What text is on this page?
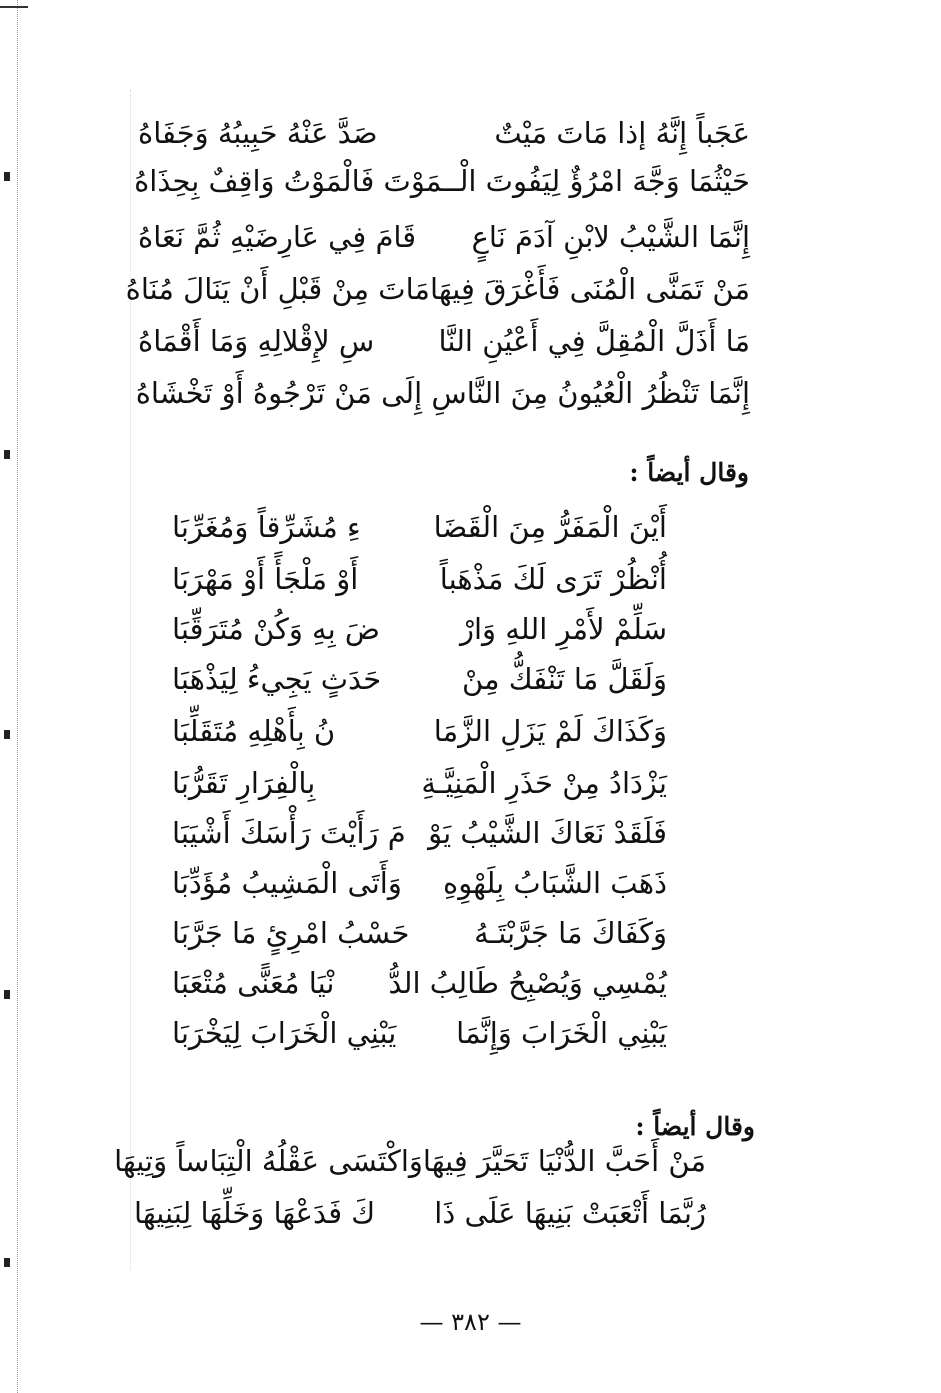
عَجَباً إِنَّهُ إذا مَاتَ مَيْتٌ
صَدَّ عَنْهُ حَبِيبُهُ وَجَفَاهُ
حَيْثُمَا وَجَّهَ امْرُؤٌ لِيَفُوتَ الْـ
ـمَوْتَ فَالْمَوْتُ وَاقِفٌ بِحِذَاهُ
إِنَّمَا الشَّيْبُ لابْنِ آدَمَ نَاعٍ
قَامَ فِي عَارِضَيْهِ ثُمَّ نَعَاهُ
مَنْ تَمَنَّى الْمُنَى فَأَغْرَقَ فِيهَا
مَاتَ مِنْ قَبْلِ أَنْ يَنَالَ مُنَاهُ
مَا أَذَلَّ الْمُقِلَّ فِي أَعْيُنِ النَّا
سِ لإِقْلالِهِ وَمَا أَقْمَاهُ
إِنَّمَا تَنْظُرُ الْعُيُونُ مِنَ النَّا
سِ إِلَى مَنْ تَرْجُوهُ أَوْ تَخْشَاهُ
وقال أيضاً :
أَيْنَ الْمَفَرُّ مِنَ الْقَضَا
ءِ مُشَرِّقاً وَمُغَرِّبَا
أُنْظُرْ تَرَى لَكَ مَذْهَباً
أَوْ مَلْجَأً أَوْ مَهْرَبَا
سَلِّمْ لأَمْرِ اللهِ وَارْ
ضَ بِهِ وَكُنْ مُتَرَقِّبَا
وَلَقَلَّ مَا تَنْفَكُّ مِنْ
حَدَثٍ يَجِيءُ لِيَذْهَبَا
وَكَذَاكَ لَمْ يَزَلِ الزَّمَا
نُ بِأَهْلِهِ مُتَقَلِّبَا
يَزْدَادُ مِنْ حَذَرِ الْمَنِيَّـةِ
بِالْفِرَارِ تَقَرُّبَا
فَلَقَدْ نَعَاكَ الشَّيْبُ يَوْ
مَ رَأَيْتَ رَأْسَكَ أَشْيَبَا
ذَهَبَ الشَّبَابُ بِلَهْوِهِ
وَأَتَى الْمَشِيبُ مُؤَدِّبَا
وَكَفَاكَ مَا جَرَّبْتَـهُ
حَسْبُ امْرِئٍ مَا جَرَّبَا
يُمْسِي وَيُصْبِحُ طَالِبُ الدُّ
نْيَا مُعَنًّى مُتْعَبَا
يَبْنِي الْخَرَابَ وَإِنَّمَا
يَبْنِي الْخَرَابَ لِيَخْرَبَا
وقال أيضاً :
مَنْ أَحَبَّ الدُّنْيَا تَحَيَّرَ فِيهَا
وَاكْتَسَى عَقْلُهُ الْتِبَاساً وَتِيهَا
رُبَّمَا أَتْعَبَتْ بَنِيهَا عَلَى ذَا
كَ فَدَعْهَا وَخَلِّهَا لِبَنِيهَا
— ٣٨٢ —
